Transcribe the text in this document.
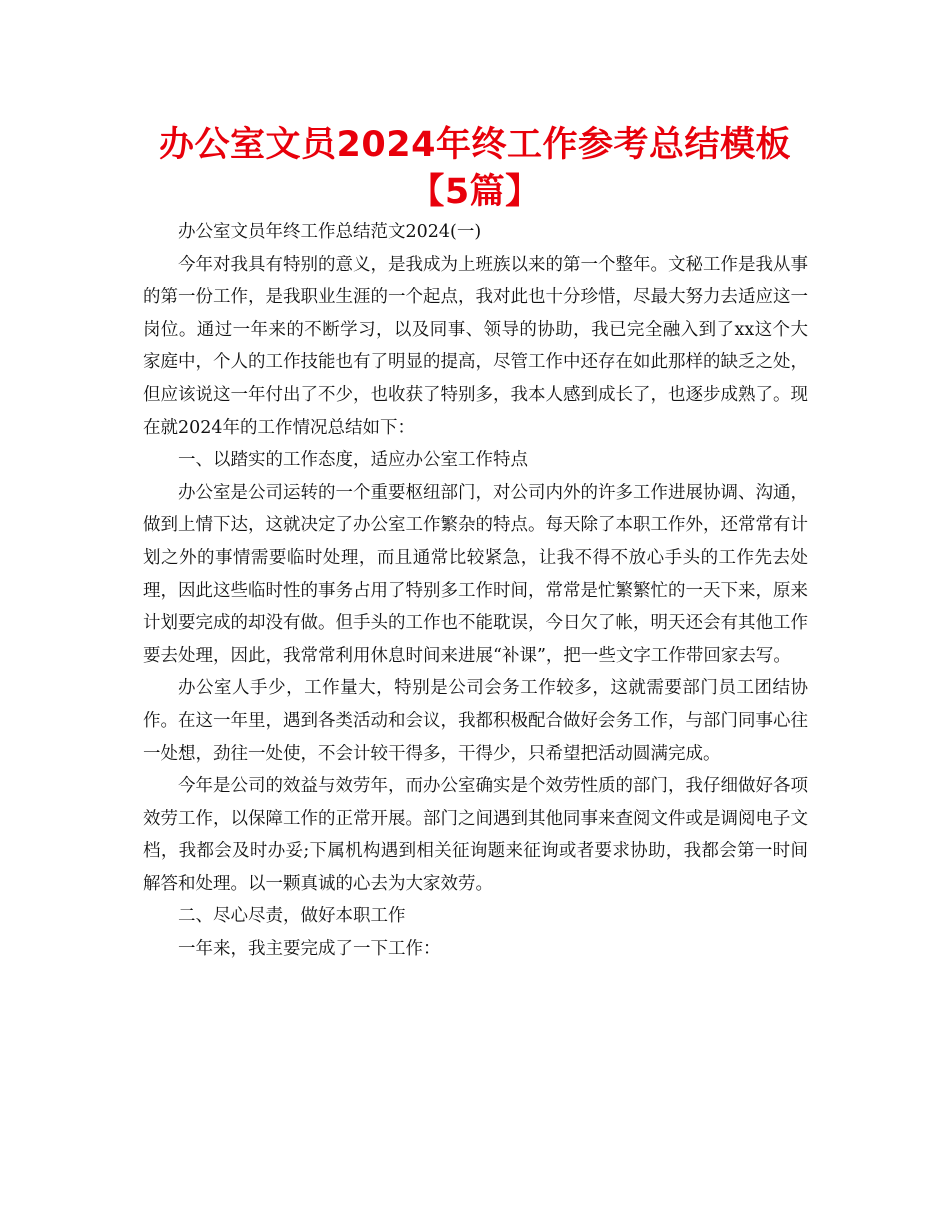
办公室文员2024年终工作参考总结模板【5篇】

办公室文员年终工作总结范文2024(一)

今年对我具有特别的意义，是我成为上班族以来的第一个整年。文秘工作是我从事的第一份工作，是我职业生涯的一个起点，我对此也十分珍惜，尽最大努力去适应这一岗位。通过一年来的不断学习，以及同事、领导的协助，我已完全融入到了xx这个大家庭中，个人的工作技能也有了明显的提高，尽管工作中还存在如此那样的缺乏之处，但应该说这一年付出了不少，也收获了特别多，我本人感到成长了，也逐步成熟了。现在就2024年的工作情况总结如下：

一、以踏实的工作态度，适应办公室工作特点

办公室是公司运转的一个重要枢纽部门，对公司内外的许多工作进展协调、沟通，做到上情下达，这就决定了办公室工作繁杂的特点。每天除了本职工作外，还常常有计划之外的事情需要临时处理，而且通常比较紧急，让我不得不放心手头的工作先去处理，因此这些临时性的事务占用了特别多工作时间，常常是忙繁繁忙的一天下来，原来计划要完成的却没有做。但手头的工作也不能耽误，今日欠了帐，明天还会有其他工作要去处理，因此，我常常利用休息时间来进展“补课”，把一些文字工作带回家去写。

办公室人手少，工作量大，特别是公司会务工作较多，这就需要部门员工团结协作。在这一年里，遇到各类活动和会议，我都积极配合做好会务工作，与部门同事心往一处想，劲往一处使，不会计较干得多，干得少，只希望把活动圆满完成。

今年是公司的效益与效劳年，而办公室确实是个效劳性质的部门，我仔细做好各项效劳工作，以保障工作的正常开展。部门之间遇到其他同事来查阅文件或是调阅电子文档，我都会及时办妥;下属机构遇到相关征询题来征询或者要求协助，我都会第一时间解答和处理。以一颗真诚的心去为大家效劳。

二、尽心尽责，做好本职工作

一年来，我主要完成了一下工作：
